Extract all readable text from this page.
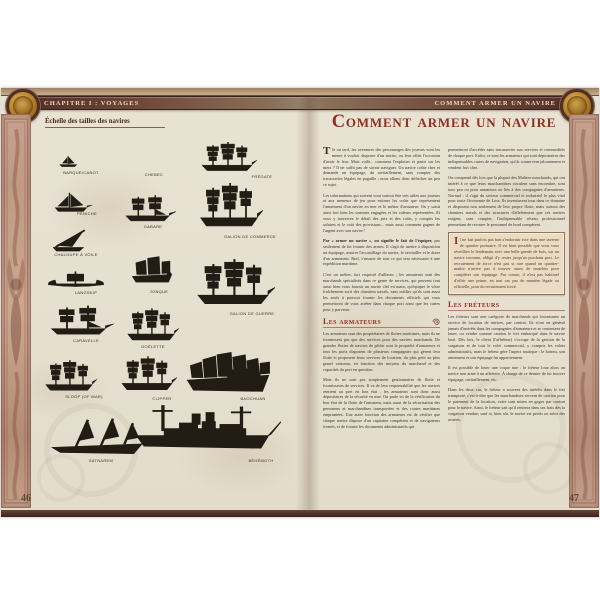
CHAPITRE I : VOYAGES	COMMENT ARMER UN NAVIRE
Échelle des tailles des navires
BARQUE/CANOT
PÉNICHE
CHALOUPE À VOILE
LANGSKIP
CARAVELLE
SLOOP (OF WAR)
SATNAREM
CHEBEC
GABARE
JONQUE
GOÉLETTE
CLIPPER
FRÉGATE
GALION DE COMMERCE
GALION DE GUERRE
BAOCHUAN
BÉHÉMOTH
46
Comment armer un navire

Tôt ou tard, les aventures des personnages des joueurs vont les mener à vouloir disposer d'un navire, ou leur offrir l'occasion d'avoir le leur. Mais voilà... comment l'exploiter et partir sur les mers ? Il ne suffit pas de savoir naviguer. Un navire coûte cher et demande un équipage, du ravitaillement, sans compter des tracasseries légales en pagaille ; nous allons donc défricher un peu ce sujet.

Les informations qui suivent vont surtout être très utiles aux joueurs et aux meneurs de jeu pour estimer les coûts que représentent l'armement d'un navire en mer et le métier d'armateur. On y saisit ainsi fort bien les sommes engagées et les valeurs représentées. Et vous y trouverez le détail des prix et des coûts, y compris les salaires et le coût des provisions... mais aussi comment gagner de l'argent avec son navire !

Par « armer un navire », on signifie le fait de l'équiper, pas seulement de lui fournir des armes. Il s'agit de mettre à disposition un équipage, assurer l'accastillage du navire, le ravitailler et le doter d'un armement. Bref, s'assurer de tout ce qui sera nécessaire à une expédition maritime.

C'est un métier, fort respecté d'ailleurs ; les armateurs sont des marchands spécialisés dans ce genre de services, qui peuvent tout aussi bien vous fournir un navire clef en main, qu'équiper le vôtre fraîchement sorti des chantiers navals, sans oublier qu'ils sont aussi les seuls à pouvoir fournir les documents officiels qui vous permettront de vous arrêter dans chaque port ainsi que les cartes pour y parvenir.

Les armateurs

Les armateurs sont des propriétaires de flottes maritimes, mais ils ne fournissent pas que des services pour des navires marchands. De grandes flottes de navires de pêche sont la propriété d'armateurs et tous les ports disposent de plusieurs compagnies qui gèrent leur flotte et proposent leurs services de location, du plus petit au plus grand vaisseau, en fonction des moyens du marchand et des capacités du port en question.

Mais ils ne sont pas simplement gestionnaires de flotte et fournisseurs de services. Il va de leur responsabilité que les navires rentrent au port en bon état ; les armateurs sont donc aussi dépositaires de la sécurité en mer. On parle ici de la vérification du bon état de la flotte de l'armateur, mais aussi de la sécurisation des personnes et marchandises transportées et des routes maritimes empruntées. Une autre fonction des armateurs est de vérifier que chaque navire dispose d'un capitaine compétent et de navigateurs formés, et de fournir les documents administratifs qui

permettront d'accéder sans tracasseries aux services et commodités de chaque port. Enfin, ce sont les armateurs qui sont dépositaires des indispensables cartes de navigation, qu'ils conservent jalousement et vendent fort cher.

On comprend dès lors que la plupart des Maîtres-marchands, qui ont intérêt à ce que leurs marchandises circulent sans encombre, sont tous peu ou prou armateurs ou liés à des compagnies d'armateurs. Normal : il s'agit du secteur commercial et industriel le plus vital pour toute l'économie de Loss. Ils investissent tous dans ce domaine et disposent non seulement de leur propre flotte, mais surtout des chantiers navals et des structures d'affrètement que ces navires exigent, sans compter, l'indispensable réseau professionnel permettant de recruter le personnel de bord compétent.

Il ne fait parfois pas bon s'endormir ivre dans une taverne de quartier portuaire. Il est bien possible que vous vous réveilliez le lendemain avec une belle gueule de bois, sur un navire inconnu, obligé d'y rester jusqu'au prochain port. Le recrutement de force n'est pas si rare quand un quartier-maître n'arrive pas à trouver assez de matelots pour compléter son équipage. Par contre, il n'est pas habituel d'offrir une prime, en tout cas pas de manière légale ou officielle, pour du recrutement forcé.

Les fréteurs

Les fréteurs sont une catégorie de marchands qui fournissent un service de location de navires, par contrat. Ils n'ont en général jamais d'intérêts dans les compagnies d'armateurs et se contentent de louer, ou vendre comme caution le fret embarqué dans le navire loué. Dès lors, le client (l'affréteur) s'occupe de la gestion de la cargaison et de tout le volet commercial, y compris les volets administratifs, mais le fréteur gère l'aspect nautique : le bateau, son armement et son équipage lui appartiennent.

Il est possible de louer une coque nue : le fréteur loue alors un navire non armé à un affréteur. À charge de ce dernier de lui trouver équipage, ravitaillement, etc.

Dans les deux cas, le fréteur a souvent des intérêts dans le fret transporté, c'est-à-dire que les marchandises servent de caution pour le paiement de la location, voire sont mises en gages par contrat pour le navire. Ainsi, le fréteur sait qu'il rentrera dans ses frais dès la cargaison vendue, sauf si, bien sûr, le navire est perdu ou subit des avaries.

47
